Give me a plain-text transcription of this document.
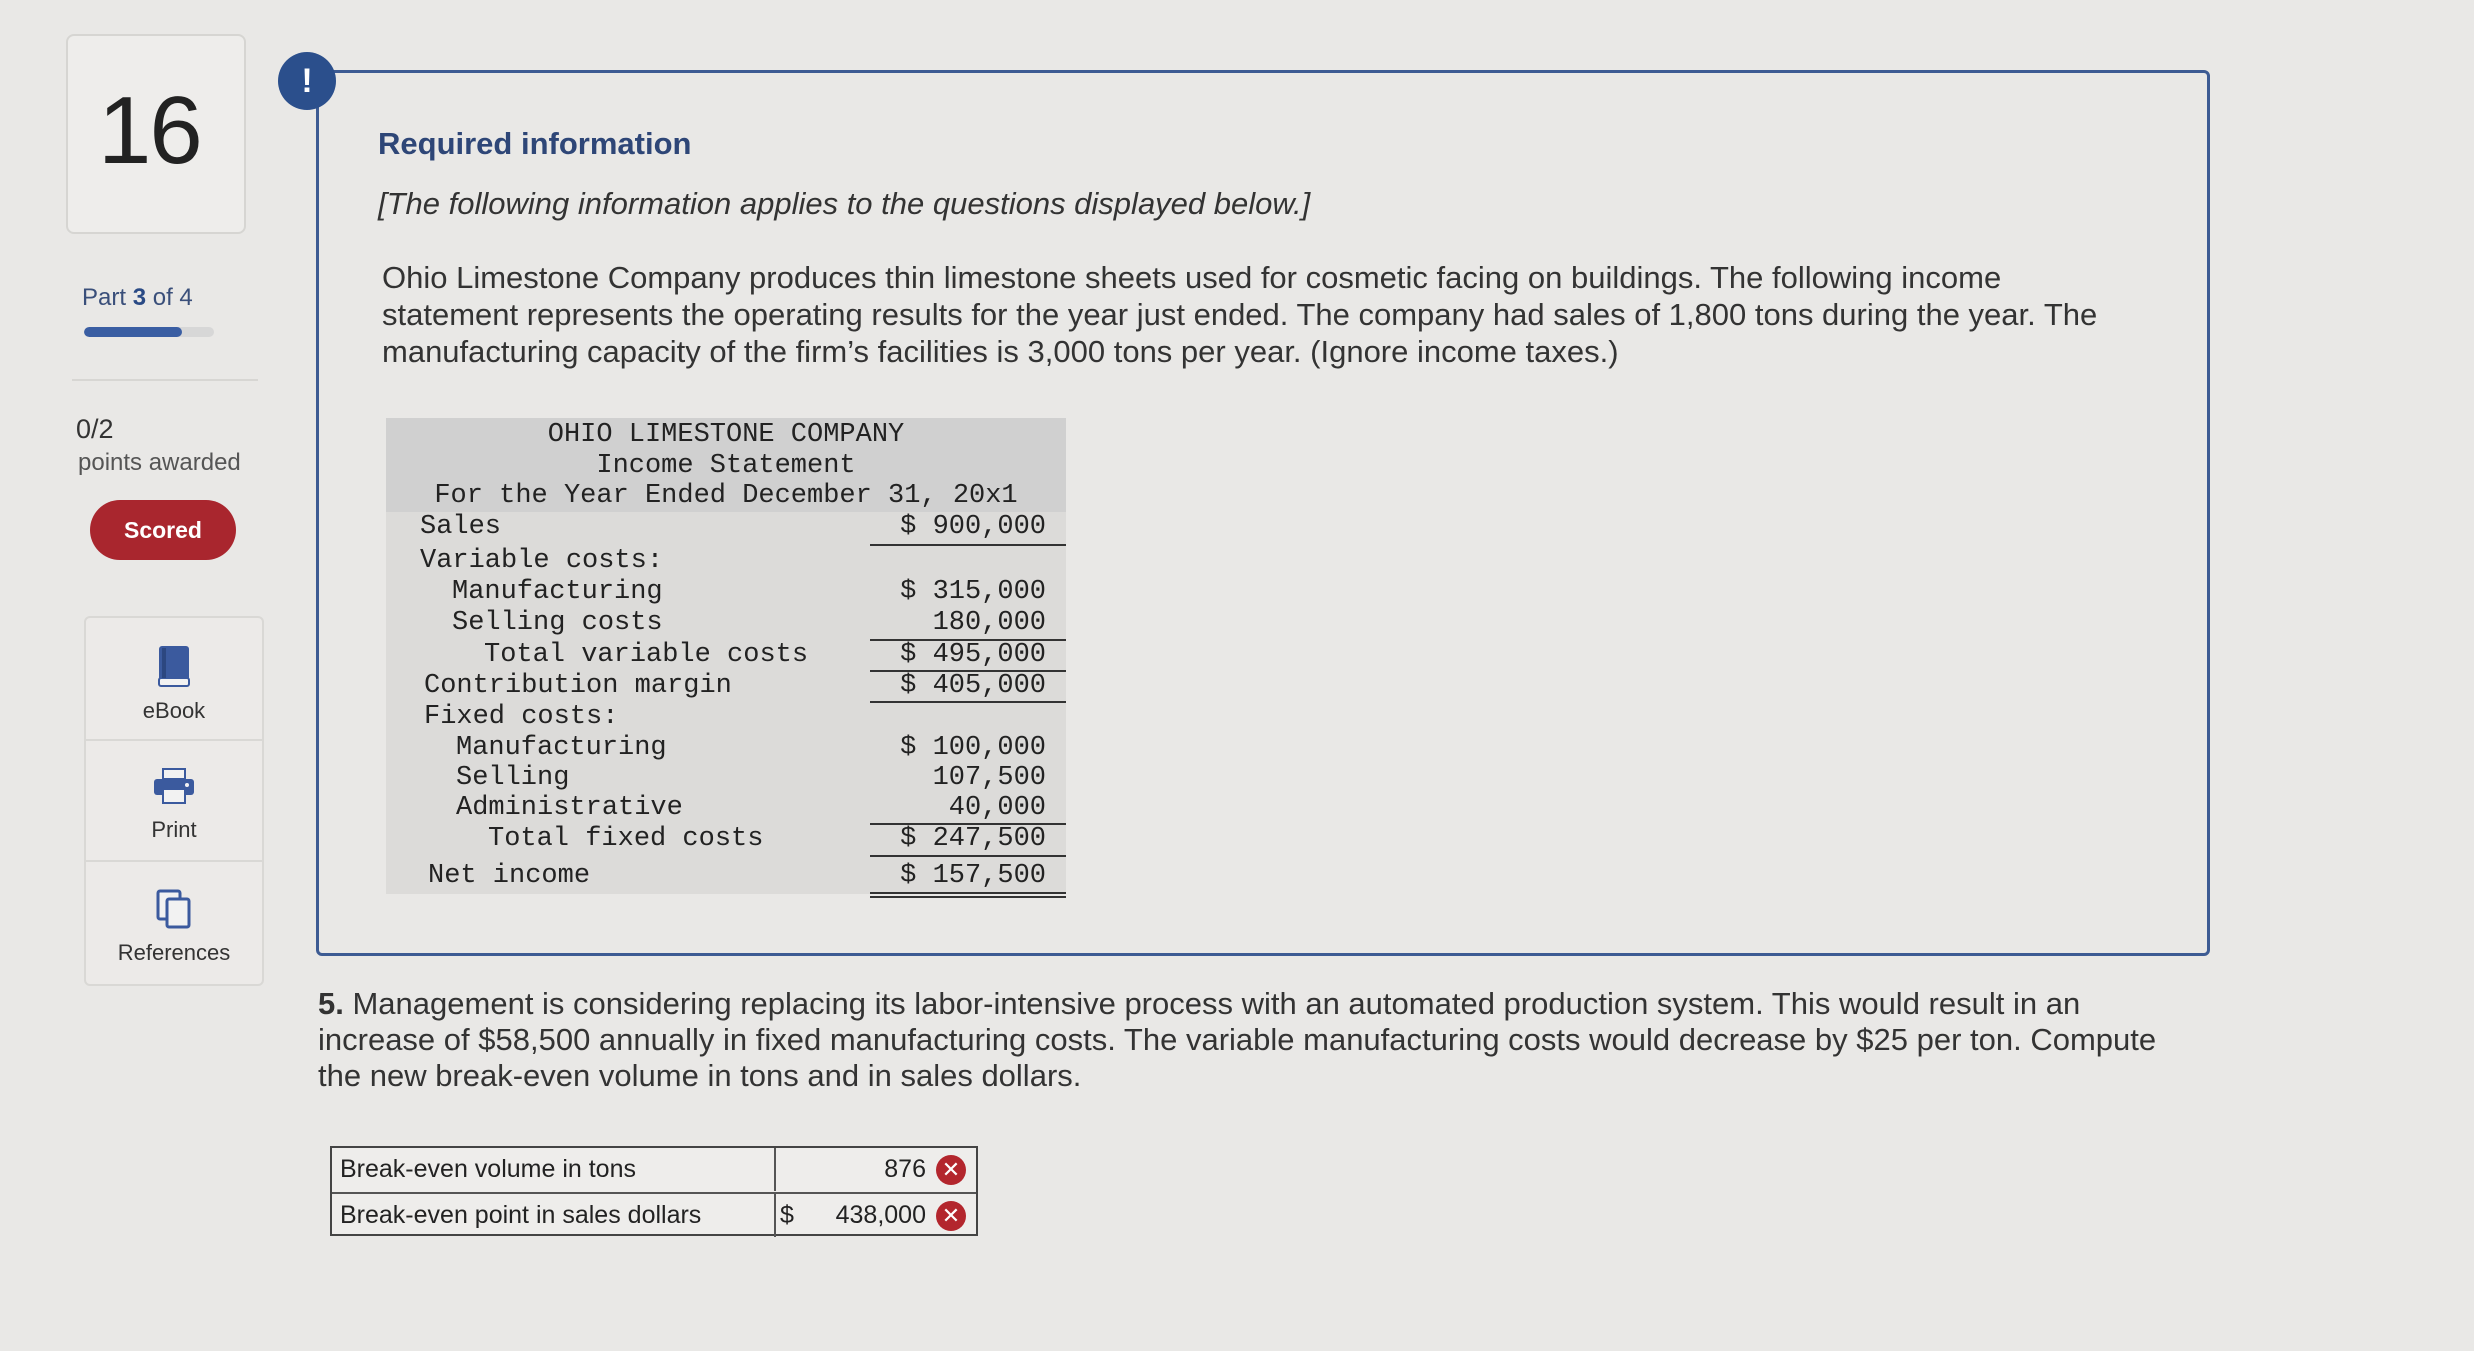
16
Part 3 of 4
0/2
points awarded
Scored
eBook
Print
References
!
Required information
[The following information applies to the questions displayed below.]
Ohio Limestone Company produces thin limestone sheets used for cosmetic facing on buildings. The following income statement represents the operating results for the year just ended. The company had sales of 1,800 tons during the year. The manufacturing capacity of the firm’s facilities is 3,000 tons per year. (Ignore income taxes.)
OHIO LIMESTONE COMPANY
Income Statement
For the Year Ended December 31, 20x1
Sales	$ 900,000
Variable costs:
Manufacturing	$ 315,000
Selling costs	180,000
Total variable costs	$ 495,000
Contribution margin	$ 405,000
Fixed costs:
Manufacturing	$ 100,000
Selling	107,500
Administrative	40,000
Total fixed costs	$ 247,500
Net income	$ 157,500
5. Management is considering replacing its labor-intensive process with an automated production system. This would result in an increase of $58,500 annually in fixed manufacturing costs. The variable manufacturing costs would decrease by $25 per ton. Compute the new break-even volume in tons and in sales dollars.
Break-even volume in tons	876 ✕
Break-even point in sales dollars	$ 438,000 ✕
